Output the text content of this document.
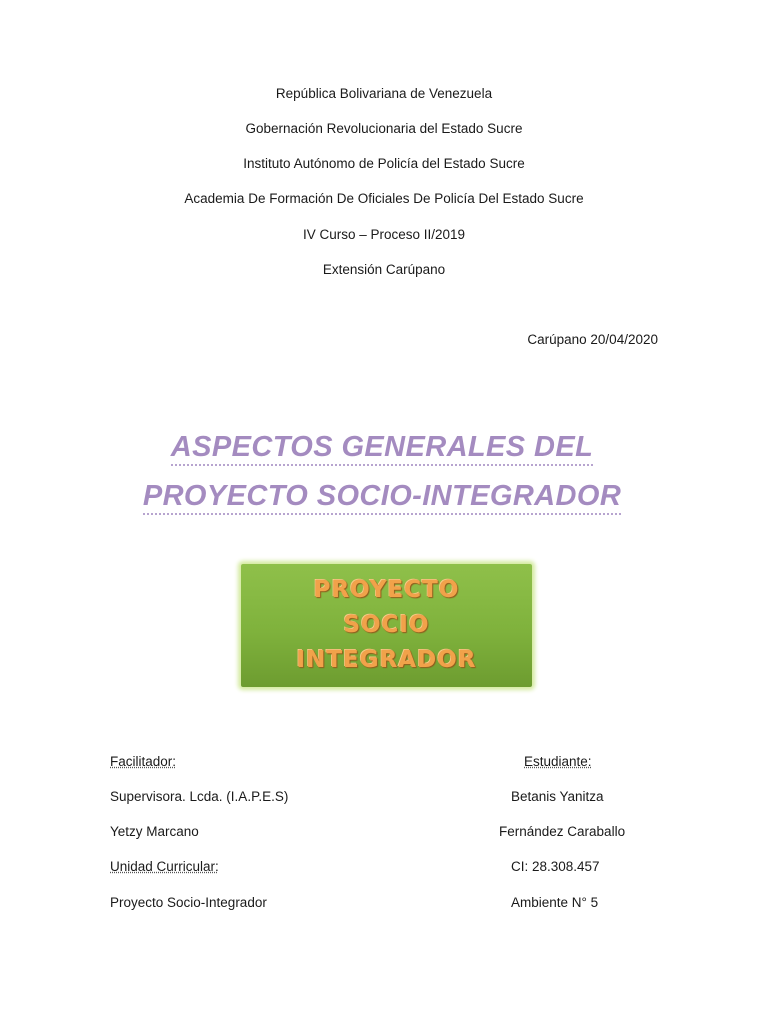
República Bolivariana de Venezuela
Gobernación Revolucionaria del Estado Sucre
Instituto Autónomo de Policía del Estado Sucre
Academia De Formación De Oficiales De Policía Del Estado Sucre
IV Curso – Proceso II/2019
Extensión Carúpano
Carúpano 20/04/2020
ASPECTOS GENERALES DEL
PROYECTO SOCIO-INTEGRADOR
PROYECTO
SOCIO
INTEGRADOR
Facilitador:
Supervisora. Lcda. (I.A.P.E.S)
Yetzy Marcano
Unidad Curricular:
Proyecto Socio-Integrador
Estudiante:
Betanis Yanitza
Fernández Caraballo
CI: 28.308.457
Ambiente N° 5
